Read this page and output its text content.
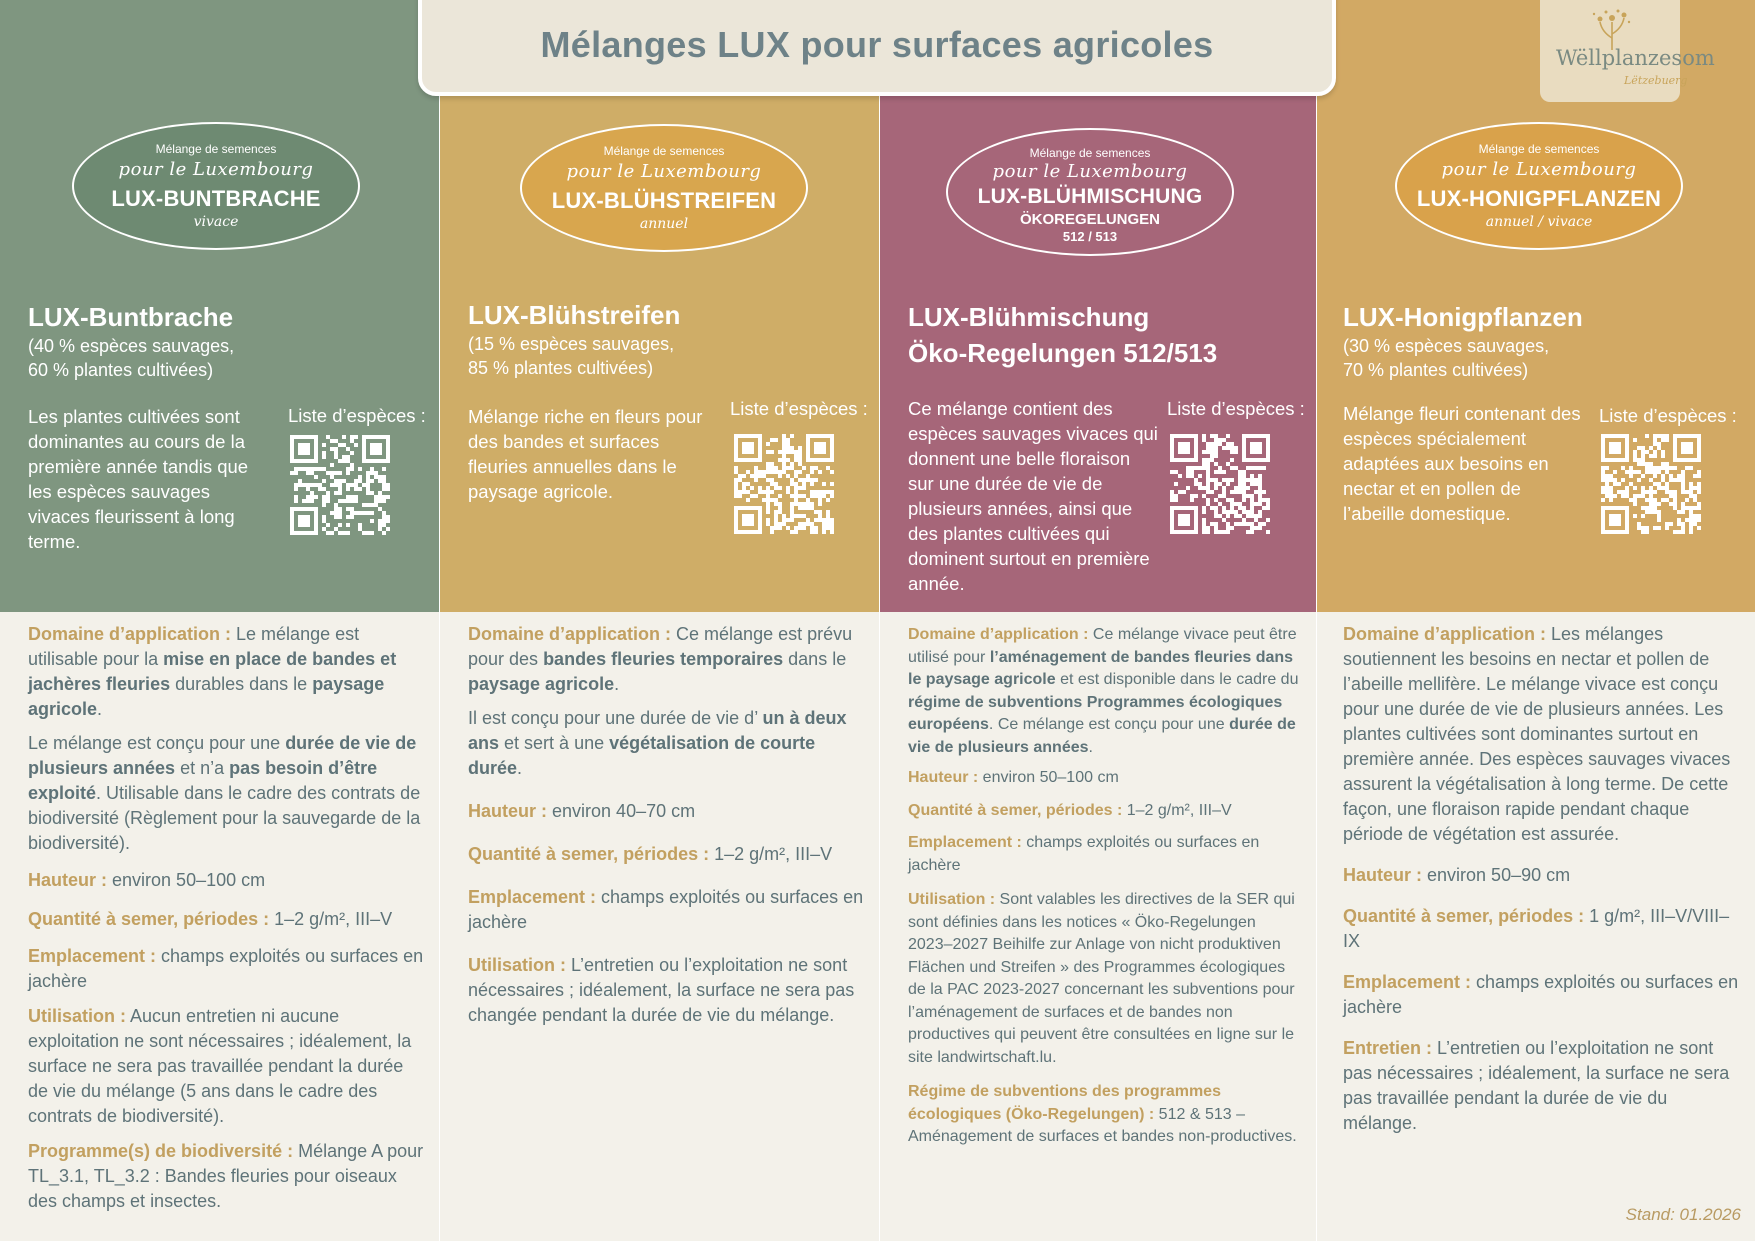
Mélange de semences
pour le Luxembourg
LUX-BUNTBRACHE
vivace
LUX-Buntbrache
(40 % espèces sauvages,
60 % plantes cultivées)
Les plantes cultivées sont dominantes au cours de la première année tandis que les espèces sauvages vivaces fleurissent à long terme.
Liste d’espèces :

Domaine d’application : Le mélange est utilisable pour la mise en place de bandes et jachères fleuries durables dans le paysage agricole.

Le mélange est conçu pour une durée de vie de plusieurs années et n’a pas besoin d’être exploité. Utilisable dans le cadre des contrats de biodiversité (Règlement pour la sauvegarde de la biodiversité).

Hauteur : environ 50–100 cm

Quantité à semer, périodes : 1–2 g/m², III–V

Emplacement : champs exploités ou surfaces en jachère

Utilisation : Aucun entretien ni aucune exploitation ne sont nécessaires ; idéalement, la surface ne sera pas travaillée pendant la durée de vie du mélange (5 ans dans le cadre des contrats de biodiversité).

Programme(s) de biodiversité : Mélange A pour TL_3.1, TL_3.2 : Bandes fleuries pour oiseaux des champs et insectes.

Mélange de semences
pour le Luxembourg
LUX-BLÜHSTREIFEN
annuel
LUX-Blühstreifen
(15 % espèces sauvages,
85 % plantes cultivées)
Mélange riche en fleurs pour des bandes et surfaces fleuries annuelles dans le paysage agricole.
Liste d’espèces :

Domaine d’application : Ce mélange est prévu pour des bandes fleuries temporaires dans le paysage agricole.

Il est conçu pour une durée de vie d’ un à deux ans et sert à une végétalisation de courte durée.

Hauteur : environ 40–70 cm

Quantité à semer, périodes : 1–2 g/m², III–V

Emplacement : champs exploités ou surfaces en jachère

Utilisation : L’entretien ou l’exploitation ne sont nécessaires ; idéalement, la surface ne sera pas changée pendant la durée de vie du mélange.

Mélange de semences
pour le Luxembourg
LUX-BLÜHMISCHUNG
ÖKOREGELUNGEN
512 / 513
LUX-Blühmischung
Öko-Regelungen 512/513
Ce mélange contient des espèces sauvages vivaces qui donnent une belle floraison sur une durée de vie de plusieurs années, ainsi que des plantes cultivées qui dominent surtout en première année.
Liste d’espèces :

Domaine d’application : Ce mélange vivace peut être utilisé pour l’aménagement de bandes fleuries dans le paysage agricole et est disponible dans le cadre du régime de subventions Programmes écologiques européens. Ce mélange est conçu pour une durée de vie de plusieurs années.

Hauteur : environ 50–100 cm

Quantité à semer, périodes : 1–2 g/m², III–V

Emplacement : champs exploités ou surfaces en jachère

Utilisation : Sont valables les directives de la SER qui sont définies dans les notices « Öko-Regelungen 2023–2027 Beihilfe zur Anlage von nicht produktiven Flächen und Streifen » des Programmes écologiques de la PAC 2023-2027 concernant les subventions pour l’aménagement de surfaces et de bandes non productives qui peuvent être consultées en ligne sur le site landwirtschaft.lu.

Régime de subventions des programmes écologiques (Öko-Regelungen) : 512 & 513 – Aménagement de surfaces et bandes non-productives.

Mélange de semences
pour le Luxembourg
LUX-HONIGPFLANZEN
annuel / vivace
LUX-Honigpflanzen
(30 % espèces sauvages,
70 % plantes cultivées)
Mélange fleuri contenant des espèces spécialement adaptées aux besoins en nectar et en pollen de l’abeille domestique.
Liste d’espèces :

Domaine d’application : Les mélanges soutiennent les besoins en nectar et pollen de l’abeille mellifère. Le mélange vivace est conçu pour une durée de vie de plusieurs années. Les plantes cultivées sont dominantes surtout en première année. Des espèces sauvages vivaces assurent la végétalisation à long terme. De cette façon, une floraison rapide pendant chaque période de végétation est assurée.

Hauteur : environ 50–90 cm

Quantité à semer, périodes : 1 g/m², III–V/VIII–IX

Emplacement : champs exploités ou surfaces en jachère

Entretien : L’entretien ou l’exploitation ne sont pas nécessaires ; idéalement, la surface ne sera pas travaillée pendant la durée de vie du mélange.

Stand: 01.2026
Mélanges LUX pour surfaces agricoles	Wëllplanzesom
Lëtzebuerg
